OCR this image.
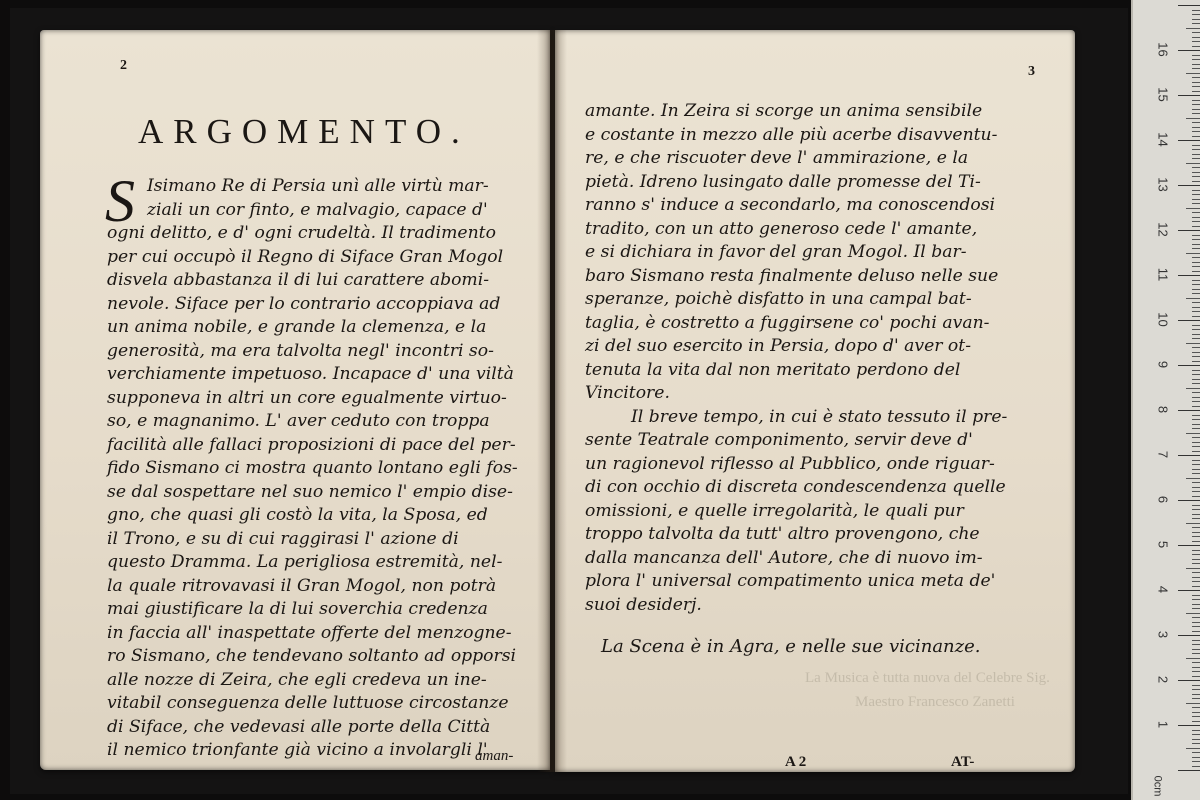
2
ARGOMENTO.
S Isimano Re di Persia unì alle virtù mar-
ziali un cor finto, e malvagio, capace d'
ogni delitto, e d' ogni crudeltà. Il tradimento
per cui occupò il Regno di Siface Gran Mogol
disvela abbastanza il di lui carattere abomi-
nevole. Siface per lo contrario accoppiava ad
un anima nobile, e grande la clemenza, e la
generosità, ma era talvolta negl' incontri so-
verchiamente impetuoso. Incapace d' una viltà
supponeva in altri un core egualmente virtuo-
so, e magnanimo. L' aver ceduto con troppa
facilità alle fallaci proposizioni di pace del per-
fido Sismano ci mostra quanto lontano egli fos-
se dal sospettare nel suo nemico l' empio dise-
gno, che quasi gli costò la vita, la Sposa, ed
il Trono, e su di cui raggirasi l' azione di
questo Dramma. La perigliosa estremità, nel-
la quale ritrovavasi il Gran Mogol, non potrà
mai giustificare la di lui soverchia credenza
in faccia all' inaspettate offerte del menzogne-
ro Sismano, che tendevano soltanto ad opporsi
alle nozze di Zeira, che egli credeva un ine-
vitabil conseguenza delle luttuose circostanze
di Siface, che vedevasi alle porte della Città
il nemico trionfante già vicino a involargli l'
aman-
3
amante. In Zeira si scorge un anima sensibile
e costante in mezzo alle più acerbe disavventu-
re, e che riscuoter deve l' ammirazione, e la
pietà. Idreno lusingato dalle promesse del Ti-
ranno s' induce a secondarlo, ma conoscendosi
tradito, con un atto generoso cede l' amante,
e si dichiara in favor del gran Mogol. Il bar-
baro Sismano resta finalmente deluso nelle sue
speranze, poichè disfatto in una campal bat-
taglia, è costretto a fuggirsene co' pochi avan-
zi del suo esercito in Persia, dopo d' aver ot-
tenuta la vita dal non meritato perdono del
Vincitore.
Il breve tempo, in cui è stato tessuto il pre-
sente Teatrale componimento, servir deve d'
un ragionevol riflesso al Pubblico, onde riguar-
di con occhio di discreta condescendenza quelle
omissioni, e quelle irregolarità, le quali pur
troppo talvolta da tutt' altro provengono, che
dalla mancanza dell' Autore, che di nuovo im-
plora l' universal compatimento unica meta de'
suoi desiderj.
La Musica è tutta nuova del Celebre Sig.
Maestro Francesco Zanetti
La Scena è in Agra, e nelle sue vicinanze.
A 2	AT-
0cm
1
2
3
4
5
6
7
8
9
10
11
12
13
14
15
16
